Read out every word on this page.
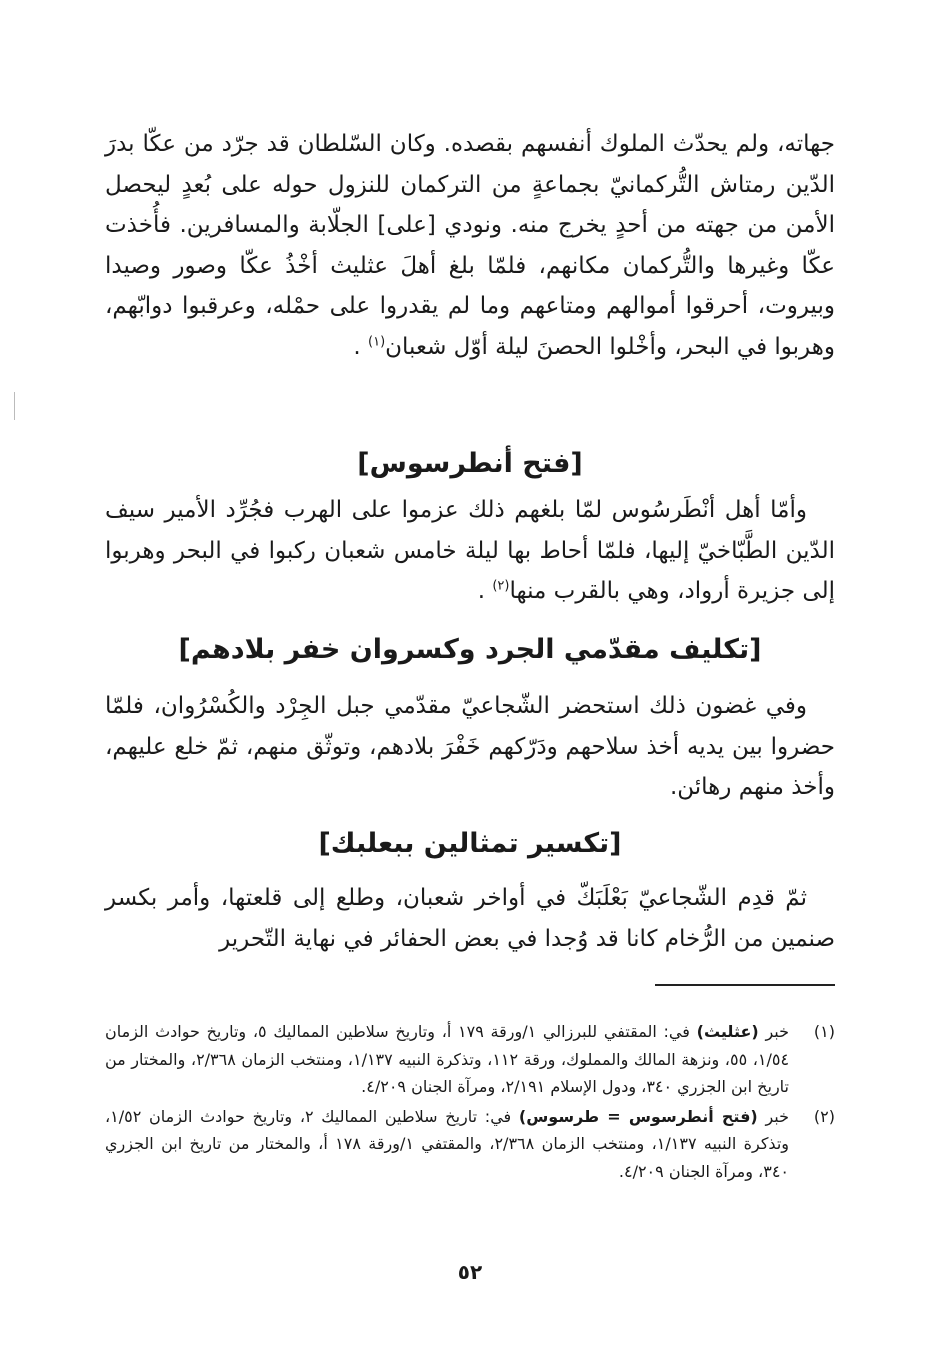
جهاته، ولم يحدّث الملوك أنفسهم بقصده. وكان السّلطان قد جرّد من عكّا بدرَ الدّين رمتاش التُّركمانيّ بجماعةٍ من التركمان للنزول حوله على بُعدٍ ليحصل الأمن من جهته من أحدٍ يخرج منه. ونودي [على] الجلّابة والمسافرين. فأُخذت عكّا وغيرها والتُّركمان مكانهم، فلمّا بلغ أهلَ عثليث أخْذُ عكّا وصور وصيدا وبيروت، أحرقوا أموالهم ومتاعهم وما لم يقدروا على حمْله، وعرقبوا دوابّهم، وهربوا في البحر، وأخْلوا الحصنَ ليلة أوّل شعبان$^{(١)}$ .

[فتح أنطرسوس]

وأمّا أهل أنْطَرسُوس لمّا بلغهم ذلك عزموا على الهرب فجُرِّد الأمير سيف الدّين الطَّبّاخيّ إليها، فلمّا أحاط بها ليلة خامس شعبان ركبوا في البحر وهربوا إلى جزيرة أرواد، وهي بالقرب منها$^{(٢)}$ .

[تكليف مقدّمي الجرد وكسروان خفر بلادهم]

وفي غضون ذلك استحضر الشّجاعيّ مقدّمي جبل الجِرْد والكُسْرُوان، فلمّا حضروا بين يديه أخذ سلاحهم ودَرّكهم خَفْرَ بلادهم، وتوثّق منهم، ثمّ خلع عليهم، وأخذ منهم رهائن.

[تكسير تمثالين ببعلبك]

ثمّ قدِم الشّجاعيّ بَعْلَبَكّ في أواخر شعبان، وطلع إلى قلعتها، وأمر بكسر صنمين من الرُّخام كانا قد وُجدا في بعض الحفائر في نهاية التّحرير

(١)
خبر (عثليث) في: المقتفي للبرزالي ١/ورقة ١٧٩ أ، وتاريخ سلاطين المماليك ٥، وتاريخ حوادث الزمان ١/٥٤، ٥٥، ونزهة المالك والمملوك، ورقة ١١٢، وتذكرة النبيه ١/١٣٧، ومنتخب الزمان ٢/٣٦٨، والمختار من تاريخ ابن الجزري ٣٤٠، ودول الإسلام ٢/١٩١، ومرآة الجنان ٤/٢٠٩.
(٢)
خبر (فتح أنطرسوس = طرسوس) في: تاريخ سلاطين المماليك ٢، وتاريخ حوادث الزمان ١/٥٢، وتذكرة النبيه ١/١٣٧، ومنتخب الزمان ٢/٣٦٨، والمقتفي ١/ورقة ١٧٨ أ، والمختار من تاريخ ابن الجزري ٣٤٠، ومرآة الجنان ٤/٢٠٩.
٥٢
